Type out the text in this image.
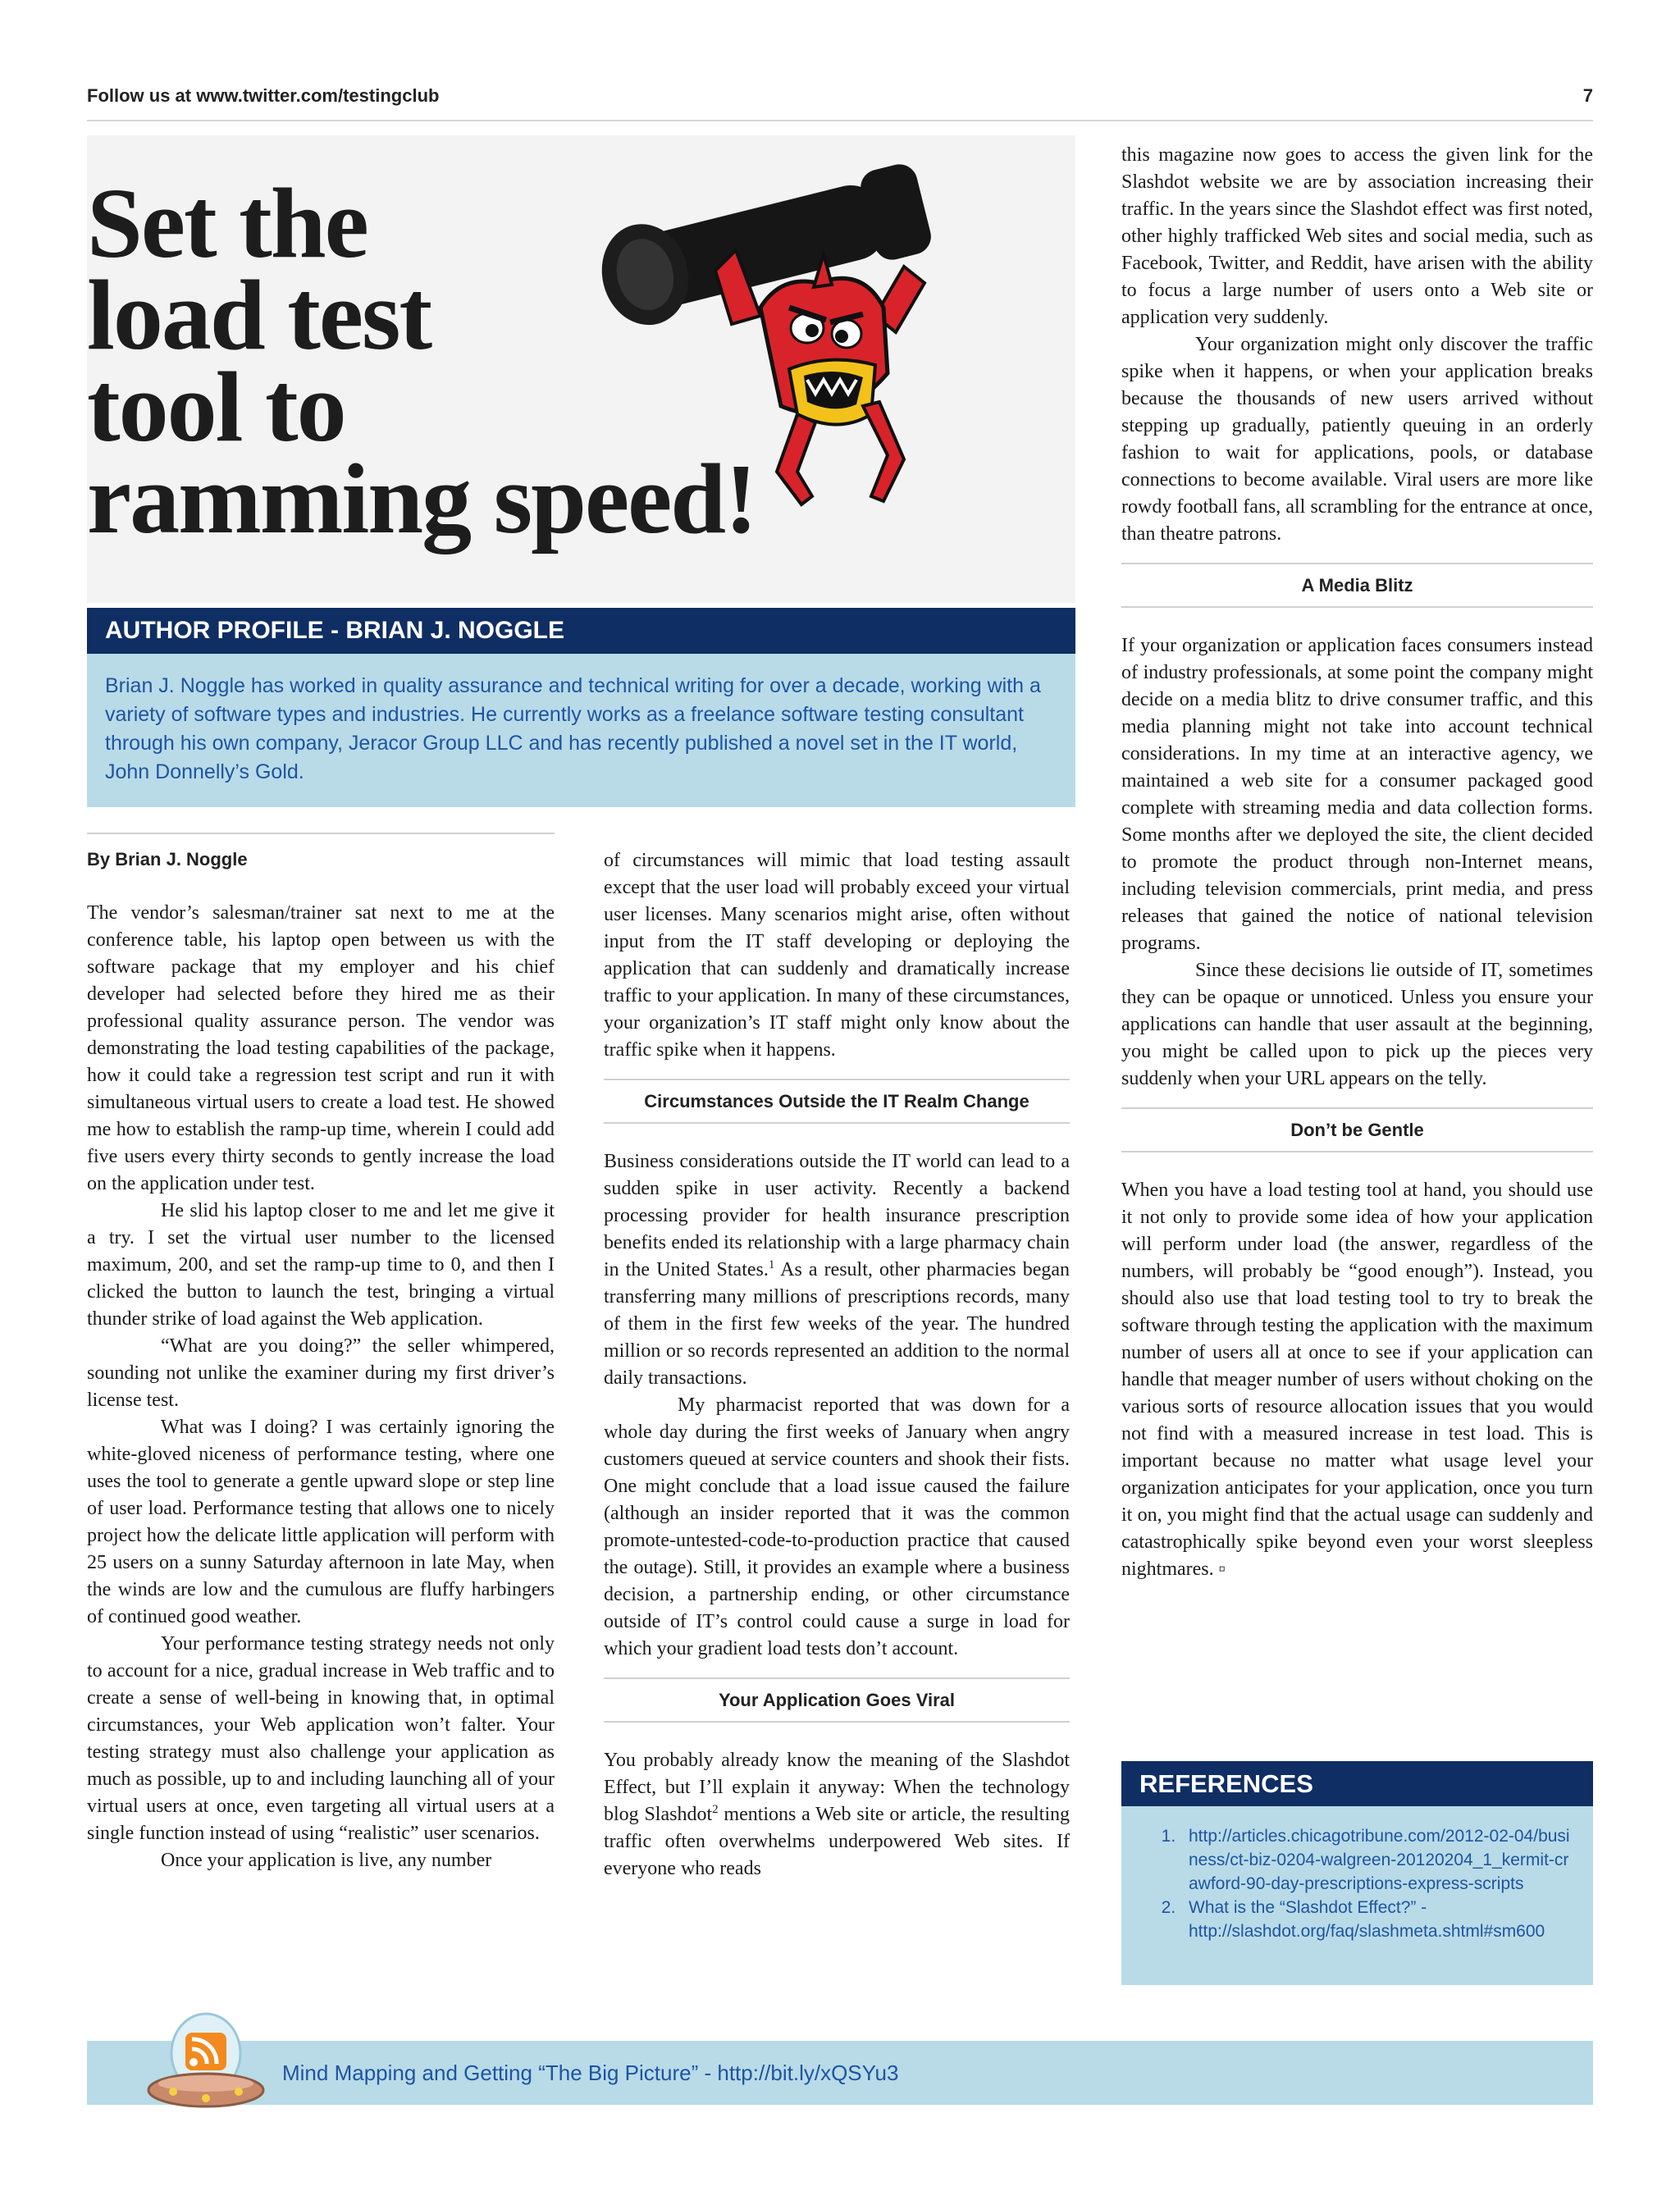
Follow us at www.twitter.com/testingclub	7
Set the
load test
tool to
ramming speed!
AUTHOR PROFILE - BRIAN J. NOGGLE
Brian J. Noggle has worked in quality assurance and technical writing for over a decade, working with a variety of software types and industries. He currently works as a freelance software testing consultant through his own company, Jeracor Group LLC and has recently published a novel set in the IT world, John Donnelly’s Gold.

By Brian J. Noggle

The vendor’s salesman/trainer sat next to me at the conference table, his laptop open between us with the software package that my employer and his chief developer had selected before they hired me as their professional quality assurance person. The vendor was demonstrating the load testing capabilities of the package, how it could take a regression test script and run it with simultaneous virtual users to create a load test. He showed me how to establish the ramp-up time, wherein I could add five users every thirty seconds to gently increase the load on the application under test.

He slid his laptop closer to me and let me give it a try. I set the virtual user number to the licensed maximum, 200, and set the ramp-up time to 0, and then I clicked the button to launch the test, bringing a virtual thunder strike of load against the Web application.

“What are you doing?” the seller whimpered, sounding not unlike the examiner during my first driver’s license test.

What was I doing? I was certainly ignoring the white-gloved niceness of performance testing, where one uses the tool to generate a gentle upward slope or step line of user load. Performance testing that allows one to nicely project how the delicate little application will perform with 25 users on a sunny Saturday afternoon in late May, when the winds are low and the cumulous are fluffy harbingers of continued good weather.

Your performance testing strategy needs not only to account for a nice, gradual increase in Web traffic and to create a sense of well-being in knowing that, in optimal circumstances, your Web application won’t falter. Your testing strategy must also challenge your application as much as possible, up to and including launching all of your virtual users at once, even targeting all virtual users at a single function instead of using “realistic” user scenarios.

Once your application is live, any number

of circumstances will mimic that load testing assault except that the user load will probably exceed your virtual user licenses. Many scenarios might arise, often without input from the IT staff developing or deploying the application that can suddenly and dramatically increase traffic to your application. In many of these circumstances, your organization’s IT staff might only know about the traffic spike when it happens.

Circumstances Outside the IT Realm Change

Business considerations outside the IT world can lead to a sudden spike in user activity. Recently a backend processing provider for health insurance prescription benefits ended its relationship with a large pharmacy chain in the United States.$^1$ As a result, other pharmacies began transferring many millions of prescriptions records, many of them in the first few weeks of the year. The hundred million or so records represented an addition to the normal daily transactions.

My pharmacist reported that was down for a whole day during the first weeks of January when angry customers queued at service counters and shook their fists. One might conclude that a load issue caused the failure (although an insider reported that it was the common promote-untested-code-to-production practice that caused the outage). Still, it provides an example where a business decision, a partnership ending, or other circumstance outside of IT’s control could cause a surge in load for which your gradient load tests don’t account.

Your Application Goes Viral

You probably already know the meaning of the Slashdot Effect, but I’ll explain it anyway: When the technology blog Slashdot$^2$ mentions a Web site or article, the resulting traffic often overwhelms underpowered Web sites. If everyone who reads

this magazine now goes to access the given link for the Slashdot website we are by association increasing their traffic. In the years since the Slashdot effect was first noted, other highly trafficked Web sites and social media, such as Facebook, Twitter, and Reddit, have arisen with the ability to focus a large number of users onto a Web site or application very suddenly.

Your organization might only discover the traffic spike when it happens, or when your application breaks because the thousands of new users arrived without stepping up gradually, patiently queuing in an orderly fashion to wait for applications, pools, or database connections to become available. Viral users are more like rowdy football fans, all scrambling for the entrance at once, than theatre patrons.

A Media Blitz

If your organization or application faces consumers instead of industry professionals, at some point the company might decide on a media blitz to drive consumer traffic, and this media planning might not take into account technical considerations. In my time at an interactive agency, we maintained a web site for a consumer packaged good complete with streaming media and data collection forms. Some months after we deployed the site, the client decided to promote the product through non-Internet means, including television commercials, print media, and press releases that gained the notice of national television programs.

Since these decisions lie outside of IT, sometimes they can be opaque or unnoticed. Unless you ensure your applications can handle that user assault at the beginning, you might be called upon to pick up the pieces very suddenly when your URL appears on the telly.

Don’t be Gentle

When you have a load testing tool at hand, you should use it not only to provide some idea of how your application will perform under load (the answer, regardless of the numbers, will probably be “good enough”). Instead, you should also use that load testing tool to try to break the software through testing the application with the maximum number of users all at once to see if your application can handle that meager number of users without choking on the various sorts of resource allocation issues that you would not find with a measured increase in test load. This is important because no matter what usage level your organization anticipates for your application, once you turn it on, you might find that the actual usage can suddenly and catastrophically spike beyond even your worst sleepless nightmares. ▫

REFERENCES
1. http://articles.chicagotribune.com/2012-02-04/business/ct-biz-0204-walgreen-20120204_1_kermit-crawford-90-day-prescriptions-express-scripts
2. What is the “Slashdot Effect?” - http://slashdot.org/faq/slashmeta.shtml#sm600
Mind Mapping and Getting “The Big Picture” - http://bit.ly/xQSYu3
